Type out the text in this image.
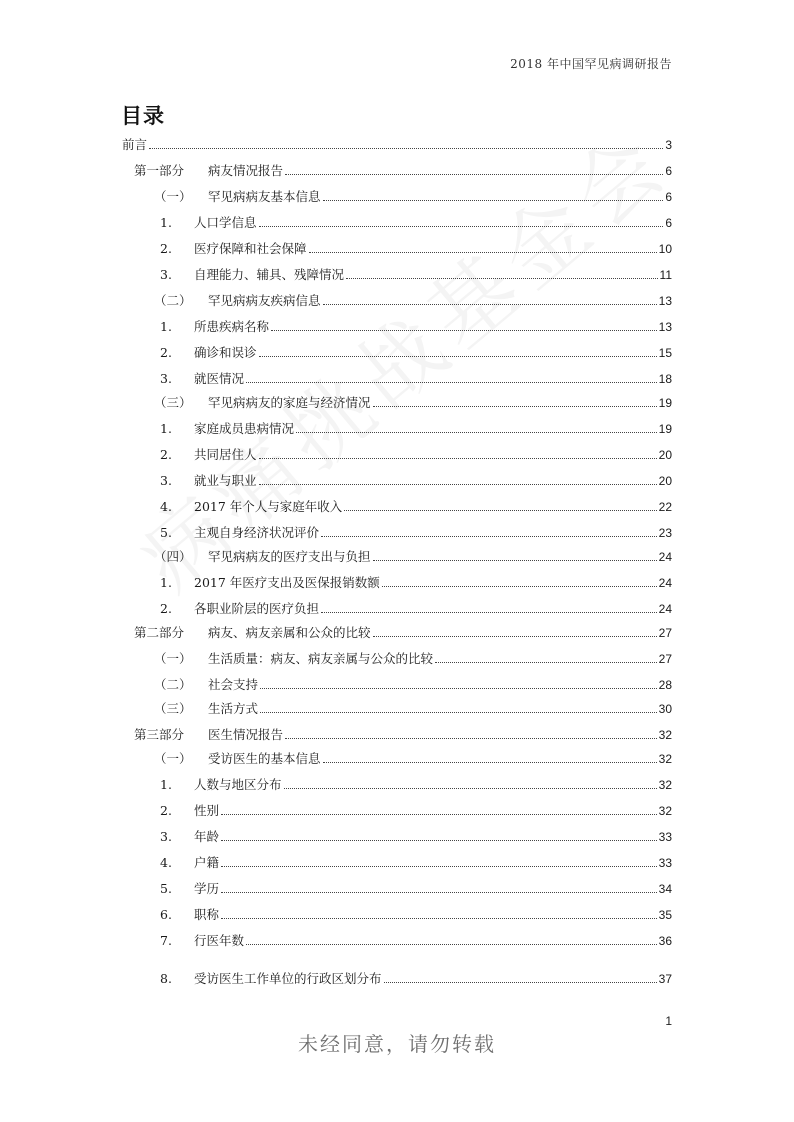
2018 年中国罕见病调研报告
目录
前言	3
第一部分	病友情况报告	6
（一）	罕见病病友基本信息	6
1.	人口学信息	6
2.	医疗保障和社会保障	10
3.	自理能力、辅具、残障情况	11
（二）	罕见病病友疾病信息	13
1.	所患疾病名称	13
2.	确诊和误诊	15
3.	就医情况	18
（三）	罕见病病友的家庭与经济情况	19
1.	家庭成员患病情况	19
2.	共同居住人	20
3.	就业与职业	20
4.	2017 年个人与家庭年收入	22
5.	主观自身经济状况评价	23
（四）	罕见病病友的医疗支出与负担	24
1.	2017 年医疗支出及医保报销数额	24
2.	各职业阶层的医疗负担	24
第二部分	病友、病友亲属和公众的比较	27
（一）	生活质量：病友、病友亲属与公众的比较	27
（二）	社会支持	28
（三）	生活方式	30
第三部分	医生情况报告	32
（一）	受访医生的基本信息	32
1.	人数与地区分布	32
2.	性别	32
3.	年龄	33
4.	户籍	33
5.	学历	34
6.	职称	35
7.	行医年数	36
8.	受访医生工作单位的行政区划分布	37
1
未经同意，请勿转载
